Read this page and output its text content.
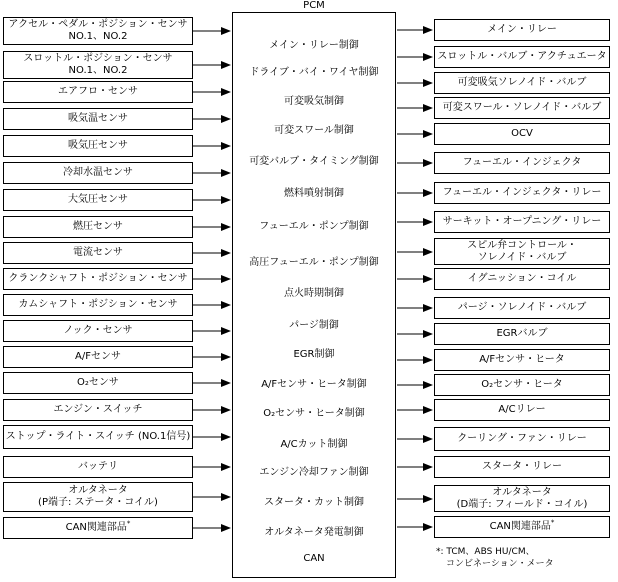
PCM
メイン・リレー制御
ドライブ・バイ・ワイヤ制御
可変吸気制御
可変スワール制御
可変バルブ・タイミング制御
燃料噴射制御
フューエル・ポンプ制御
高圧フューエル・ポンプ制御
点火時期制御
パージ制御
EGR制御
A/Fセンサ・ヒータ制御
O₂センサ・ヒータ制御
A/Cカット制御
エンジン冷却ファン制御
スタータ・カット制御
オルタネータ発電制御
CAN
アクセル・ペダル・ポジション・センサ
NO.1、NO.2
スロットル・ポジション・センサ
NO.1、NO.2
エアフロ・センサ
吸気温センサ
吸気圧センサ
冷却水温センサ
大気圧センサ
燃圧センサ
電流センサ
クランクシャフト・ポジション・センサ
カムシャフト・ポジション・センサ
ノック・センサ
A/Fセンサ
O₂センサ
エンジン・スイッチ
ストップ・ライト・スイッチ (NO.1信号)
バッテリ
オルタネータ
(P端子: ステータ・コイル)
CAN関連部品*
メイン・リレー
スロットル・バルブ・アクチュエータ
可変吸気ソレノイド・バルブ
可変スワール・ソレノイド・バルブ
OCV
フューエル・インジェクタ
フューエル・インジェクタ・リレー
サーキット・オープニング・リレー
スピル弁コントロール・
ソレノイド・バルブ
イグニッション・コイル
パージ・ソレノイド・バルブ
EGRバルブ
A/Fセンサ・ヒータ
O₂センサ・ヒータ
A/Cリレー
クーリング・ファン・リレー
スタータ・リレー
オルタネータ
(D端子: フィールド・コイル)
CAN関連部品*
*: TCM、ABS HU/CM、
コンビネーション・メータ
